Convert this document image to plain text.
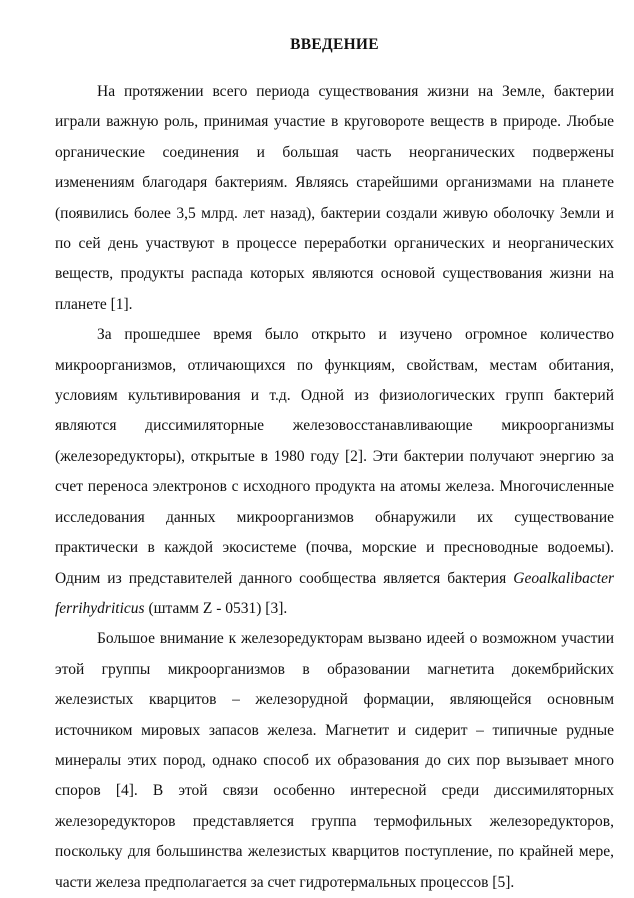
ВВЕДЕНИЕ

На протяжении всего периода существования жизни на Земле, бактерии играли важную роль, принимая участие в круговороте веществ в природе. Любые органические соединения и большая часть неорганических подвержены изменениям благодаря бактериям. Являясь старейшими организмами на планете (появились более 3,5 млрд. лет назад), бактерии создали живую оболочку Земли и по сей день участвуют в процессе переработки органических и неорганических веществ, продукты распада которых являются основой существования жизни на планете [1].

За прошедшее время было открыто и изучено огромное количество микроорганизмов, отличающихся по функциям, свойствам, местам обитания, условиям культивирования и т.д. Одной из физиологических групп бактерий являются диссимиляторные железовосстанавливающие микроорганизмы (железоредукторы), открытые в 1980 году [2]. Эти бактерии получают энергию за счет переноса электронов с исходного продукта на атомы железа. Многочисленные исследования данных микроорганизмов обнаружили их существование практически в каждой экосистеме (почва, морские и пресноводные водоемы). Одним из представителей данного сообщества является бактерия Geoalkalibacter ferrihydriticus (штамм Z - 0531) [3].

Большое внимание к железоредукторам вызвано идеей о возможном участии этой группы микроорганизмов в образовании магнетита докембрийских железистых кварцитов – железорудной формации, являющейся основным источником мировых запасов железа. Магнетит и сидерит – типичные рудные минералы этих пород, однако способ их образования до сих пор вызывает много споров [4]. В этой связи особенно интересной среди диссимиляторных железоредукторов представляется группа термофильных железоредукторов, поскольку для большинства железистых кварцитов поступление, по крайней мере, части железа предполагается за счет гидротермальных процессов [5].
